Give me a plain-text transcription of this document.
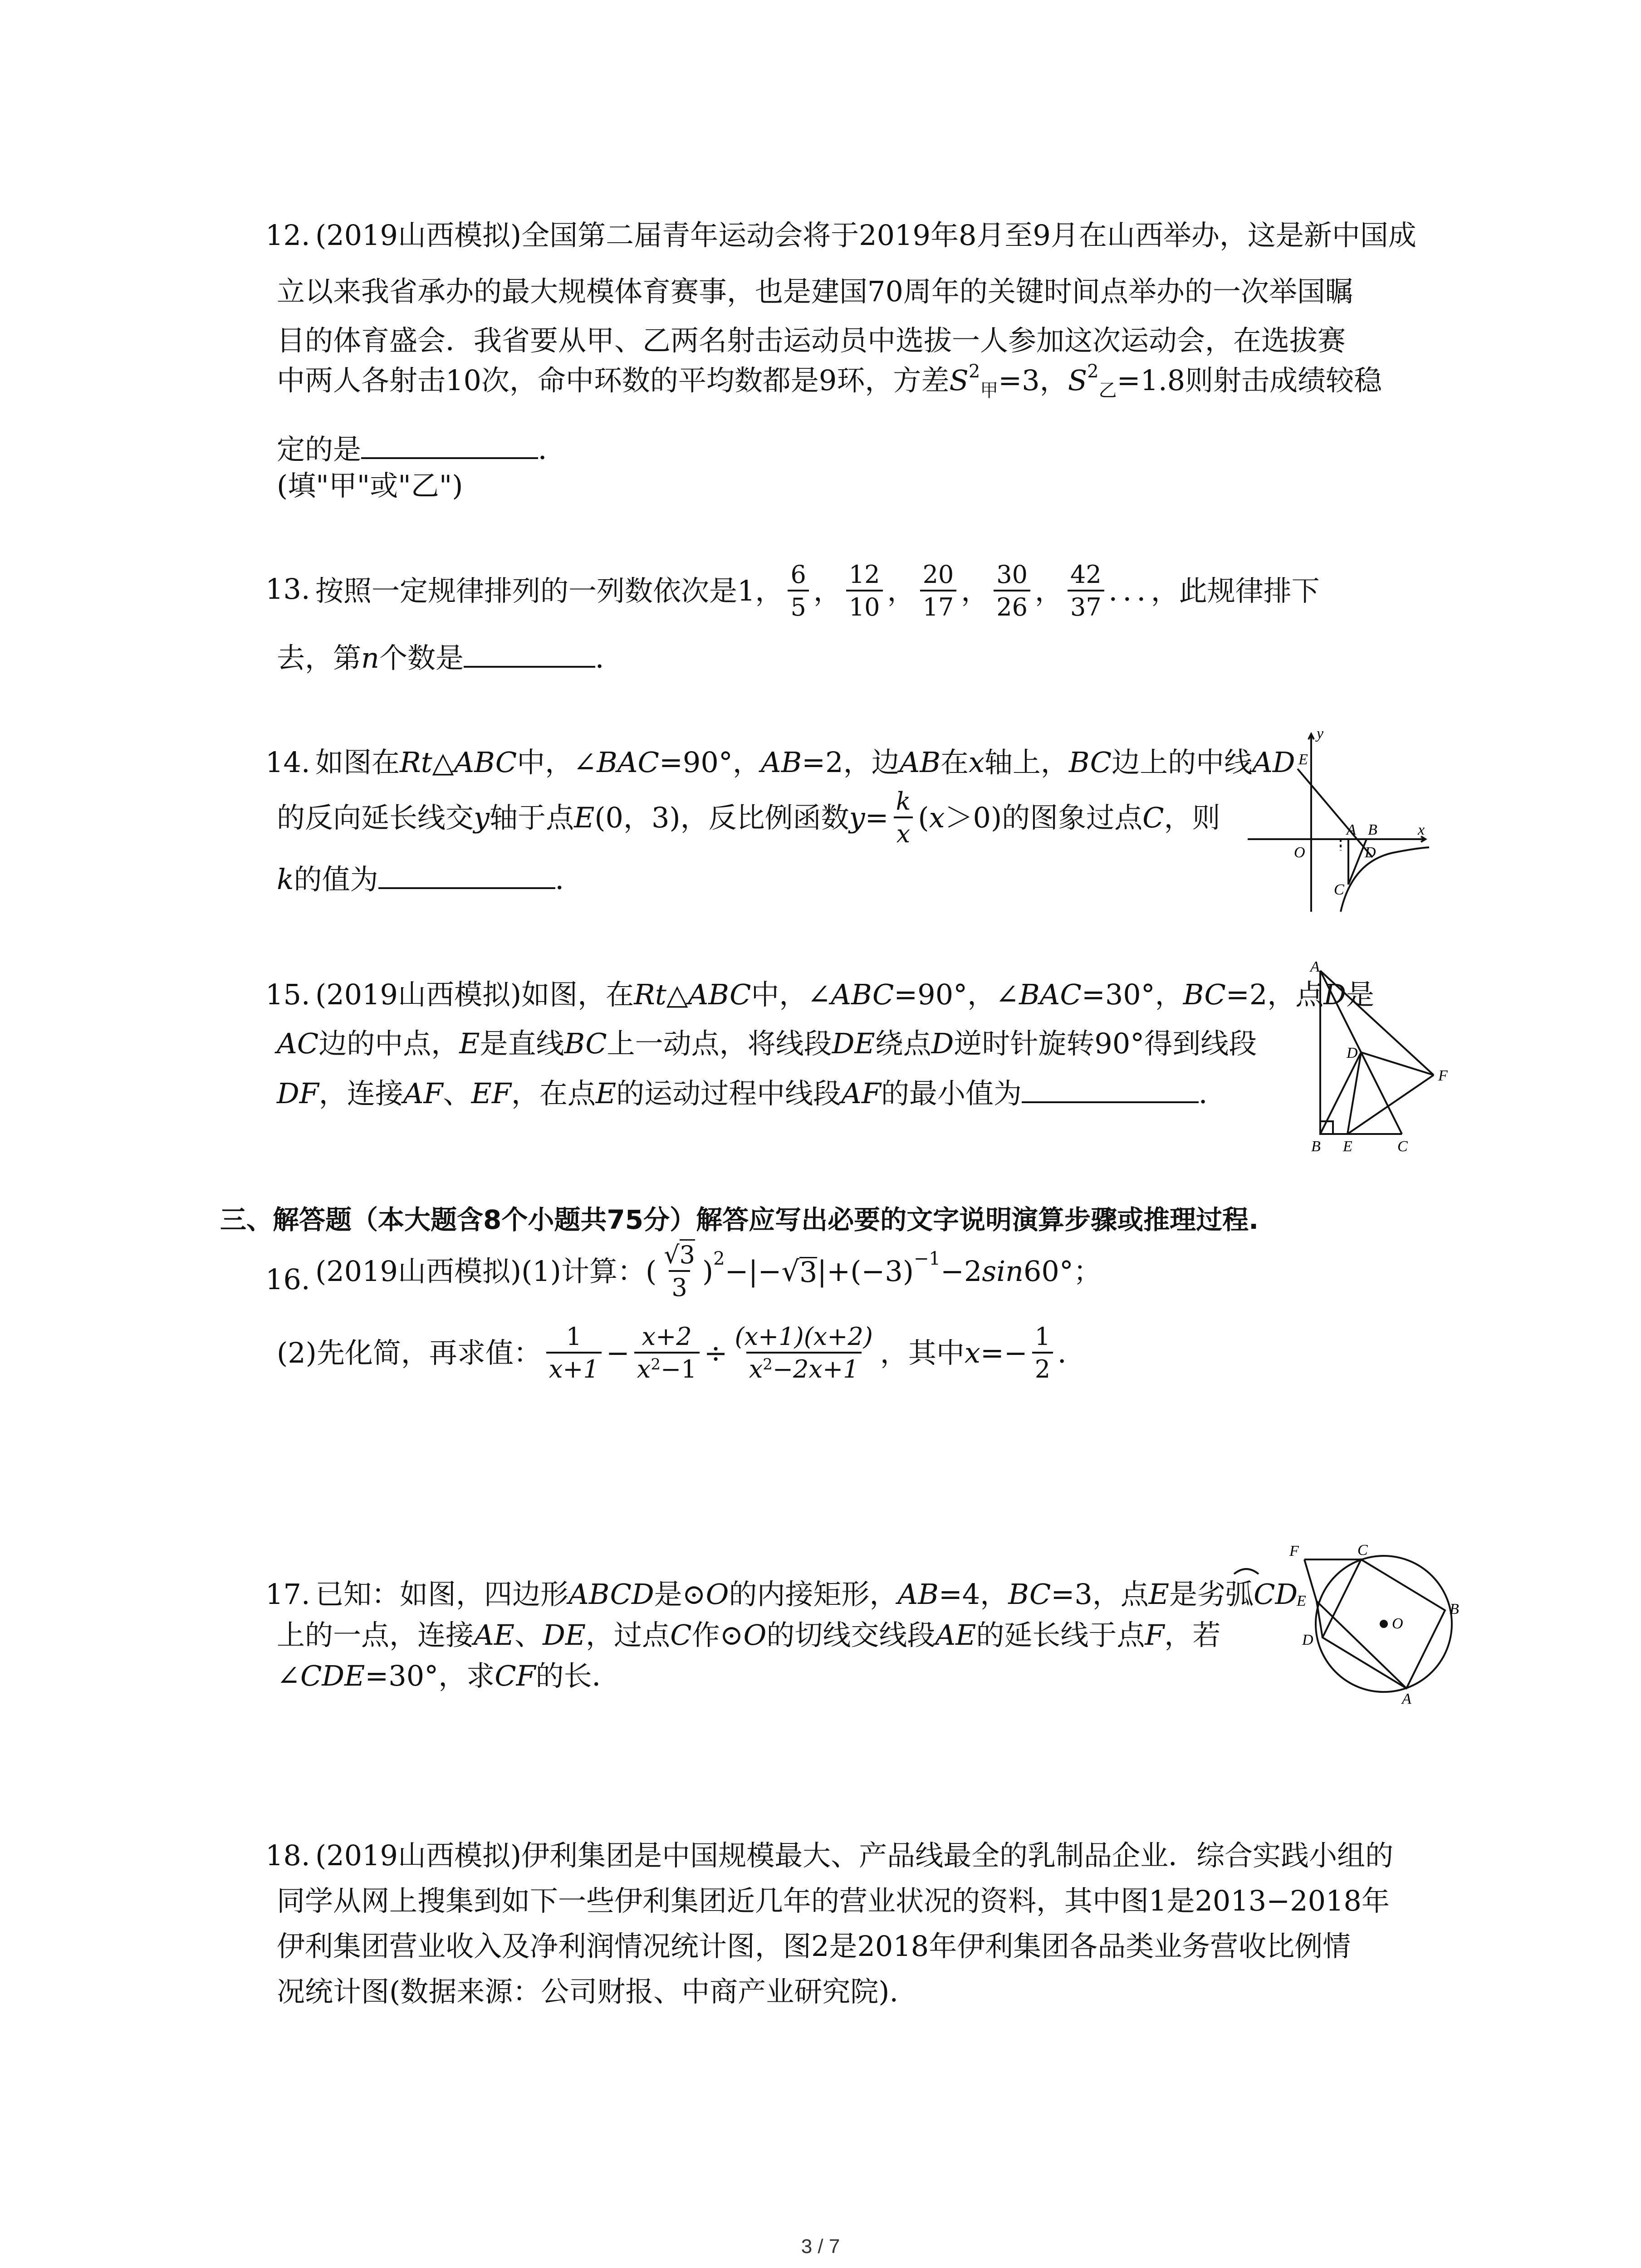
12. (2019山西模拟)全国第二届青年运动会将于2019年8月至9月在山西举办，这是新中国成
立以来我省承办的最大规模体育赛事，也是建国70周年的关键时间点举办的一次举国瞩
目的体育盛会．我省要从甲、乙两名射击运动员中选拔一人参加这次运动会，在选拔赛
中两人各射击10次，命中环数的平均数都是9环，方差$S^2_甲=3$，$S^2_乙=1.8$则射击成绩较稳
定的是	．
(填"甲"或"乙")
13. 按照一定规律排列的一列数依次是1， $\frac{6}{5}$ ， $\frac{12}{10}$ ， $\frac{20}{17}$ ， $\frac{30}{26}$ ， $\frac{42}{37}$ ．．．，此规律排下
去，第n个数是	．
14. 如图在Rt△ABC中，∠BAC=90°，AB=2，边AB在x轴上，BC边上的中线AD
的反向延长线交 y 轴于点 E (0，3)，反比例函数 $y = \frac{k}{x}$ ( x ＞0)的图象过点 C ，则
k的值为	．
E
y
A B	x
O	D
C
15. (2019山西模拟)如图，在Rt△ABC中，∠ABC=90°，∠BAC=30°，BC=2，点D是
AC边的中点，E是直线BC上一动点，将线段DE绕点D逆时针旋转90°得到线段
DF，连接AF、EF，在点E的运动过程中线段AF的最小值为	．
A
D
F
B E	C
三、解答题（本大题含8个小题共75分）解答应写出必要的文字说明演算步骤或推理过程.
16. (2019山西模拟)(1)计算：( $\frac{√3}{3}$ ) 2 −|− √ 3 |+(−3) −1 −2 sin 60°；
(2)先化简，再求值： $\frac{1}{x+1} - \frac{x+2}{x^2-1} \div \frac{(x+1)(x+2)}{x^2-2x+1}$ ，其中 $x =- \frac{1}{2}$ ．
17. 已知：如图，四边形ABCD是⊙O的内接矩形，AB=4，BC=3，点E是劣弧CD
上的一点，连接AE、DE，过点C作⊙O的切线交线段AE的延长线于点F，若
∠CDE=30°，求CF的长．
F	C
E	B
O
D
A
18. (2019山西模拟)伊利集团是中国规模最大、产品线最全的乳制品企业．综合实践小组的
同学从网上搜集到如下一些伊利集团近几年的营业状况的资料，其中图1是2013−2018年
伊利集团营业收入及净利润情况统计图，图2是2018年伊利集团各品类业务营收比例情
况统计图(数据来源：公司财报、中商产业研究院).
3 / 7
